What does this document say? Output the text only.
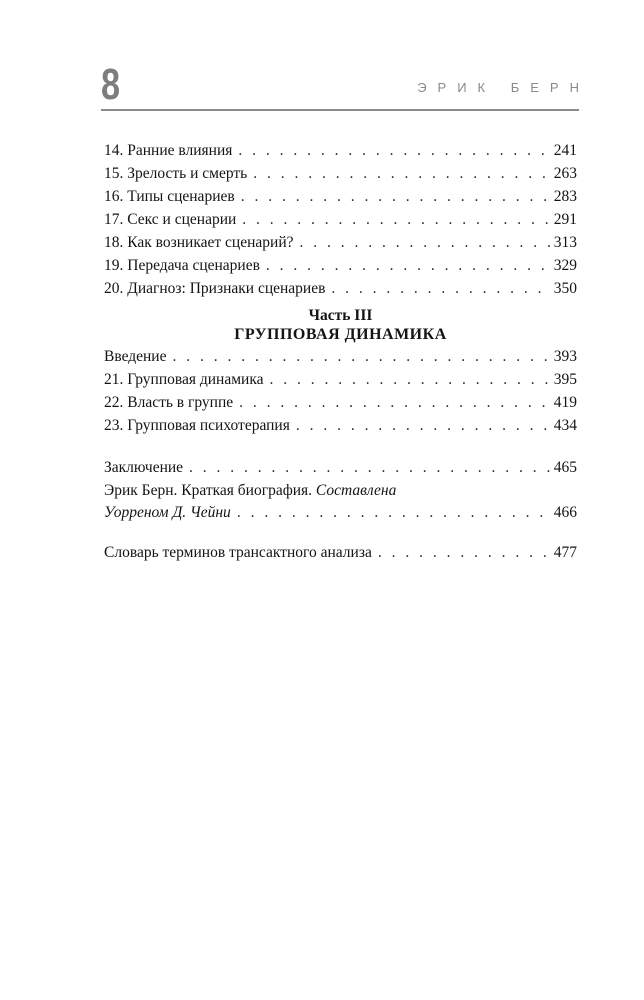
8	ЭРИК БЕРН
14. Ранние влияния . . .	241
15. Зрелость и смерть . . .	263
16. Типы сценариев . . .	283
17. Секс и сценарии . . .	291
18. Как возникает сценарий? . . .	313
19. Передача сценариев . . .	329
20. Диагноз: Признаки сценариев . . .	350
Часть III
ГРУППОВАЯ ДИНАМИКА
Введение . . .	393
21. Групповая динамика . . .	395
22. Власть в группе . . .	419
23. Групповая психотерапия . . .	434
Заключение . . .	465
Эрик Берн. Краткая биография. Составлена
Уорреном Д. Чейни . . .	466
Словарь терминов трансактного анализа . . .	477
